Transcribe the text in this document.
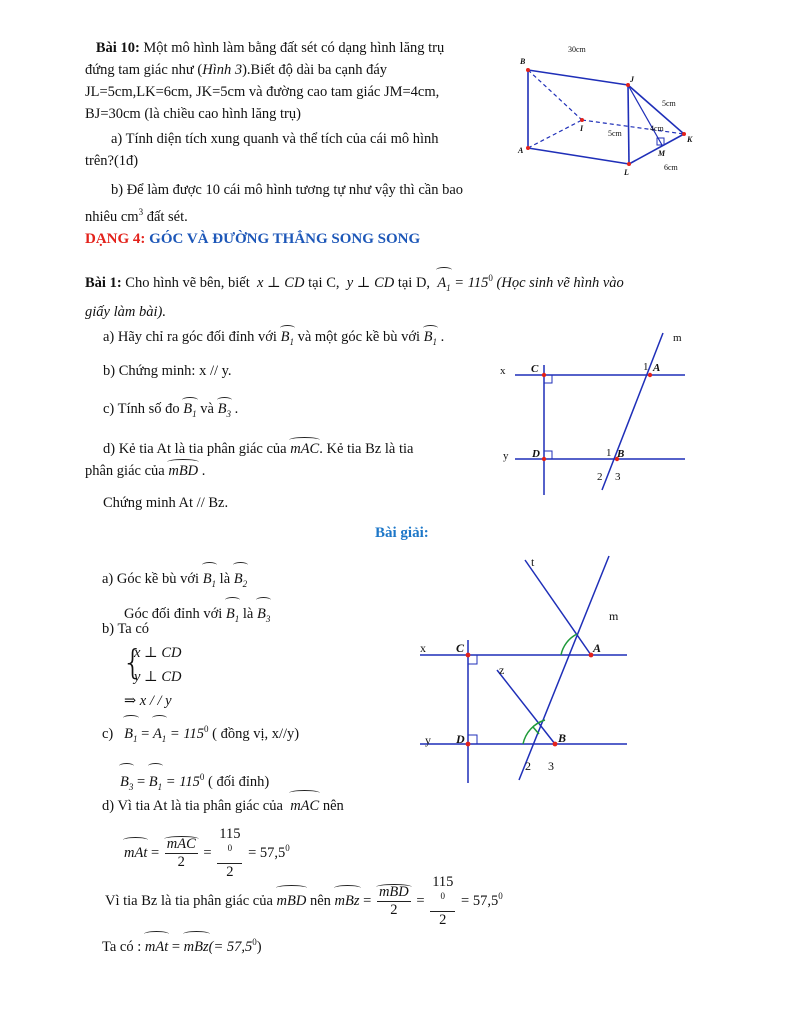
Bài 10: Một mô hình làm bằng đất sét có dạng hình lăng trụ

đứng tam giác như (Hình 3).Biết độ dài ba cạnh đáy

JL=5cm,LK=6cm, JK=5cm và đường cao tam giác JM=4cm,

BJ=30cm (là chiều cao hình lăng trụ)

a) Tính diện tích xung quanh và thể tích của cái mô hình

trên?(1đ)

b) Để làm được 10 cái mô hình tương tự như vậy thì cần bao

nhiêu $cm^3$ đất sét.

30cm
5cm
5cm
4cm
6cm
B
J
I
A
K
M
L
DẠNG 4: GÓC VÀ ĐƯỜNG THẲNG SONG SONG

Bài 1: Cho hình vẽ bên, biết x ⊥ CD tại C, y ⊥ CD tại D, $A_1 = 115^0$ (Học sinh vẽ hình vào

giấy làm bài).

a) Hãy chỉ ra góc đối đỉnh với $B_1$ và một góc kề bù với $B_1$ .

b) Chứng minh: x // y.

c) Tính số đo $B_1$ và $B_3$ .

d) Kẻ tia At là tia phân giác của mAC. Kẻ tia Bz là tia

phân giác của mBD .

Chứng minh At // Bz.

m
x
y
1
1
2 3
C
D
A
B
Bài giải:

a) Góc kề bù với $B_1$ là $B_2$

Góc đối đỉnh với $B_1$ là $B_3$

b) Ta có

{

x ⊥ CD

y ⊥ CD

⇒ x / / y

c) $B_1 = A_1 = 115^0$ ( đồng vị, x//y)

$B_3 = B_1 = 115^0$ ( đối đỉnh)

d) Vì tia At là tia phân giác của mAC nên

mAt = $\frac{\text{mAC}}{2} = 115$
$^0$
$2 = 57,5^0$

Vì tia Bz là tia phân giác của mBD nên mBz = $\frac{\text{mBD}}{2} = 115$
$^0$
$2 = 57,5^0$

Ta có : mAt = $mBz(= 57,5^0)$

t
m
x
y
z
2 3
C
D
A
B
